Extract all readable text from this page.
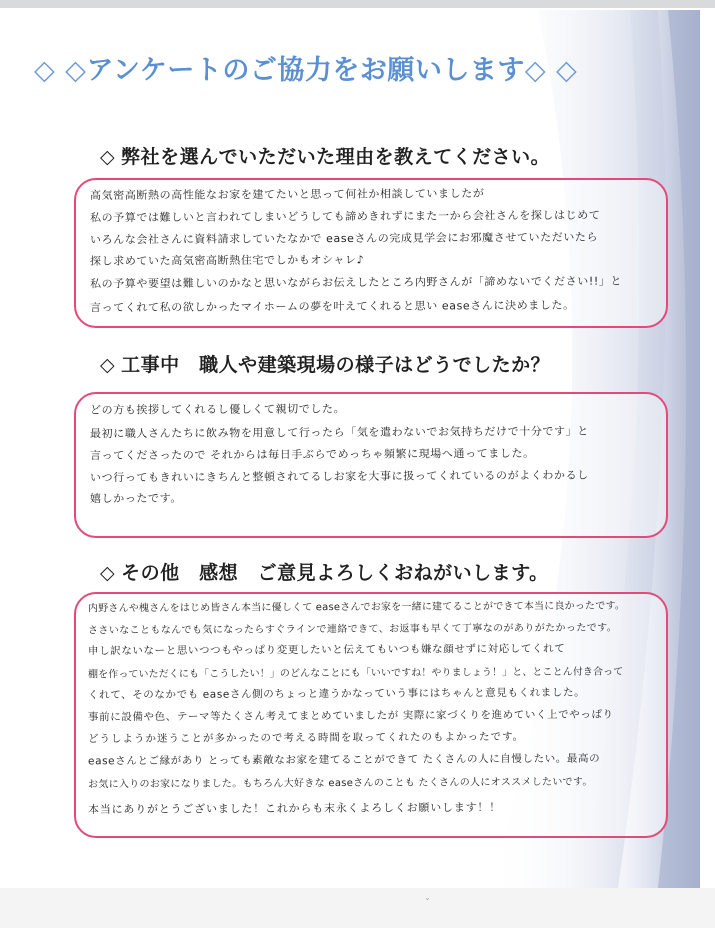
◇ ◇アンケートのご協力をお願いします◇ ◇
◇ 弊社を選んでいただいた理由を教えてください。
高気密高断熱の高性能なお家を建てたいと思って何社か相談していましたが
私の予算では難しいと言われてしまいどうしても諦めきれずにまた一から会社さんを探しはじめて
いろんな会社さんに資料請求していたなかで easeさんの完成見学会にお邪魔させていただいたら
探し求めていた高気密高断熱住宅でしかもオシャレ♪
私の予算や要望は難しいのかなと思いながらお伝えしたところ内野さんが「諦めないでください!!」と
言ってくれて私の欲しかったマイホームの夢を叶えてくれると思い easeさんに決めました。
◇ 工事中　職人や建築現場の様子はどうでしたか？
どの方も挨拶してくれるし優しくて親切でした。
最初に職人さんたちに飲み物を用意して行ったら「気を遣わないでお気持ちだけで十分です」と
言ってくださったので それからは毎日手ぶらでめっちゃ頻繁に現場へ通ってました。
いつ行ってもきれいにきちんと整頓されてるしお家を大事に扱ってくれているのがよくわかるし
嬉しかったです。
◇ その他　感想　ご意見よろしくおねがいします。
内野さんや槐さんをはじめ皆さん本当に優しくて easeさんでお家を一緒に建てることができて本当に良かったです。
ささいなこともなんでも気になったらすぐラインで連絡できて、お返事も早くて丁寧なのがありがたかったです。
申し訳ないなーと思いつつもやっぱり変更したいと伝えてもいつも嫌な顔せずに対応してくれて
棚を作っていただくにも「こうしたい！」のどんなことにも「いいですね！やりましょう！」と、とことん付き合って
くれて、そのなかでも easeさん側のちょっと違うかなっていう事にはちゃんと意見もくれました。
事前に設備や色、テーマ等たくさん考えてまとめていましたが 実際に家づくりを進めていく上でやっぱり
どうしようか迷うことが多かったので考える時間を取ってくれたのもよかったです。
easeさんとご縁があり とっても素敵なお家を建てることができて たくさんの人に自慢したい。最高の
お気に入りのお家になりました。もちろん大好きな easeさんのことも たくさんの人にオススメしたいです。
本当にありがとうございました！これからも末永くよろしくお願いします！！
ˇ
